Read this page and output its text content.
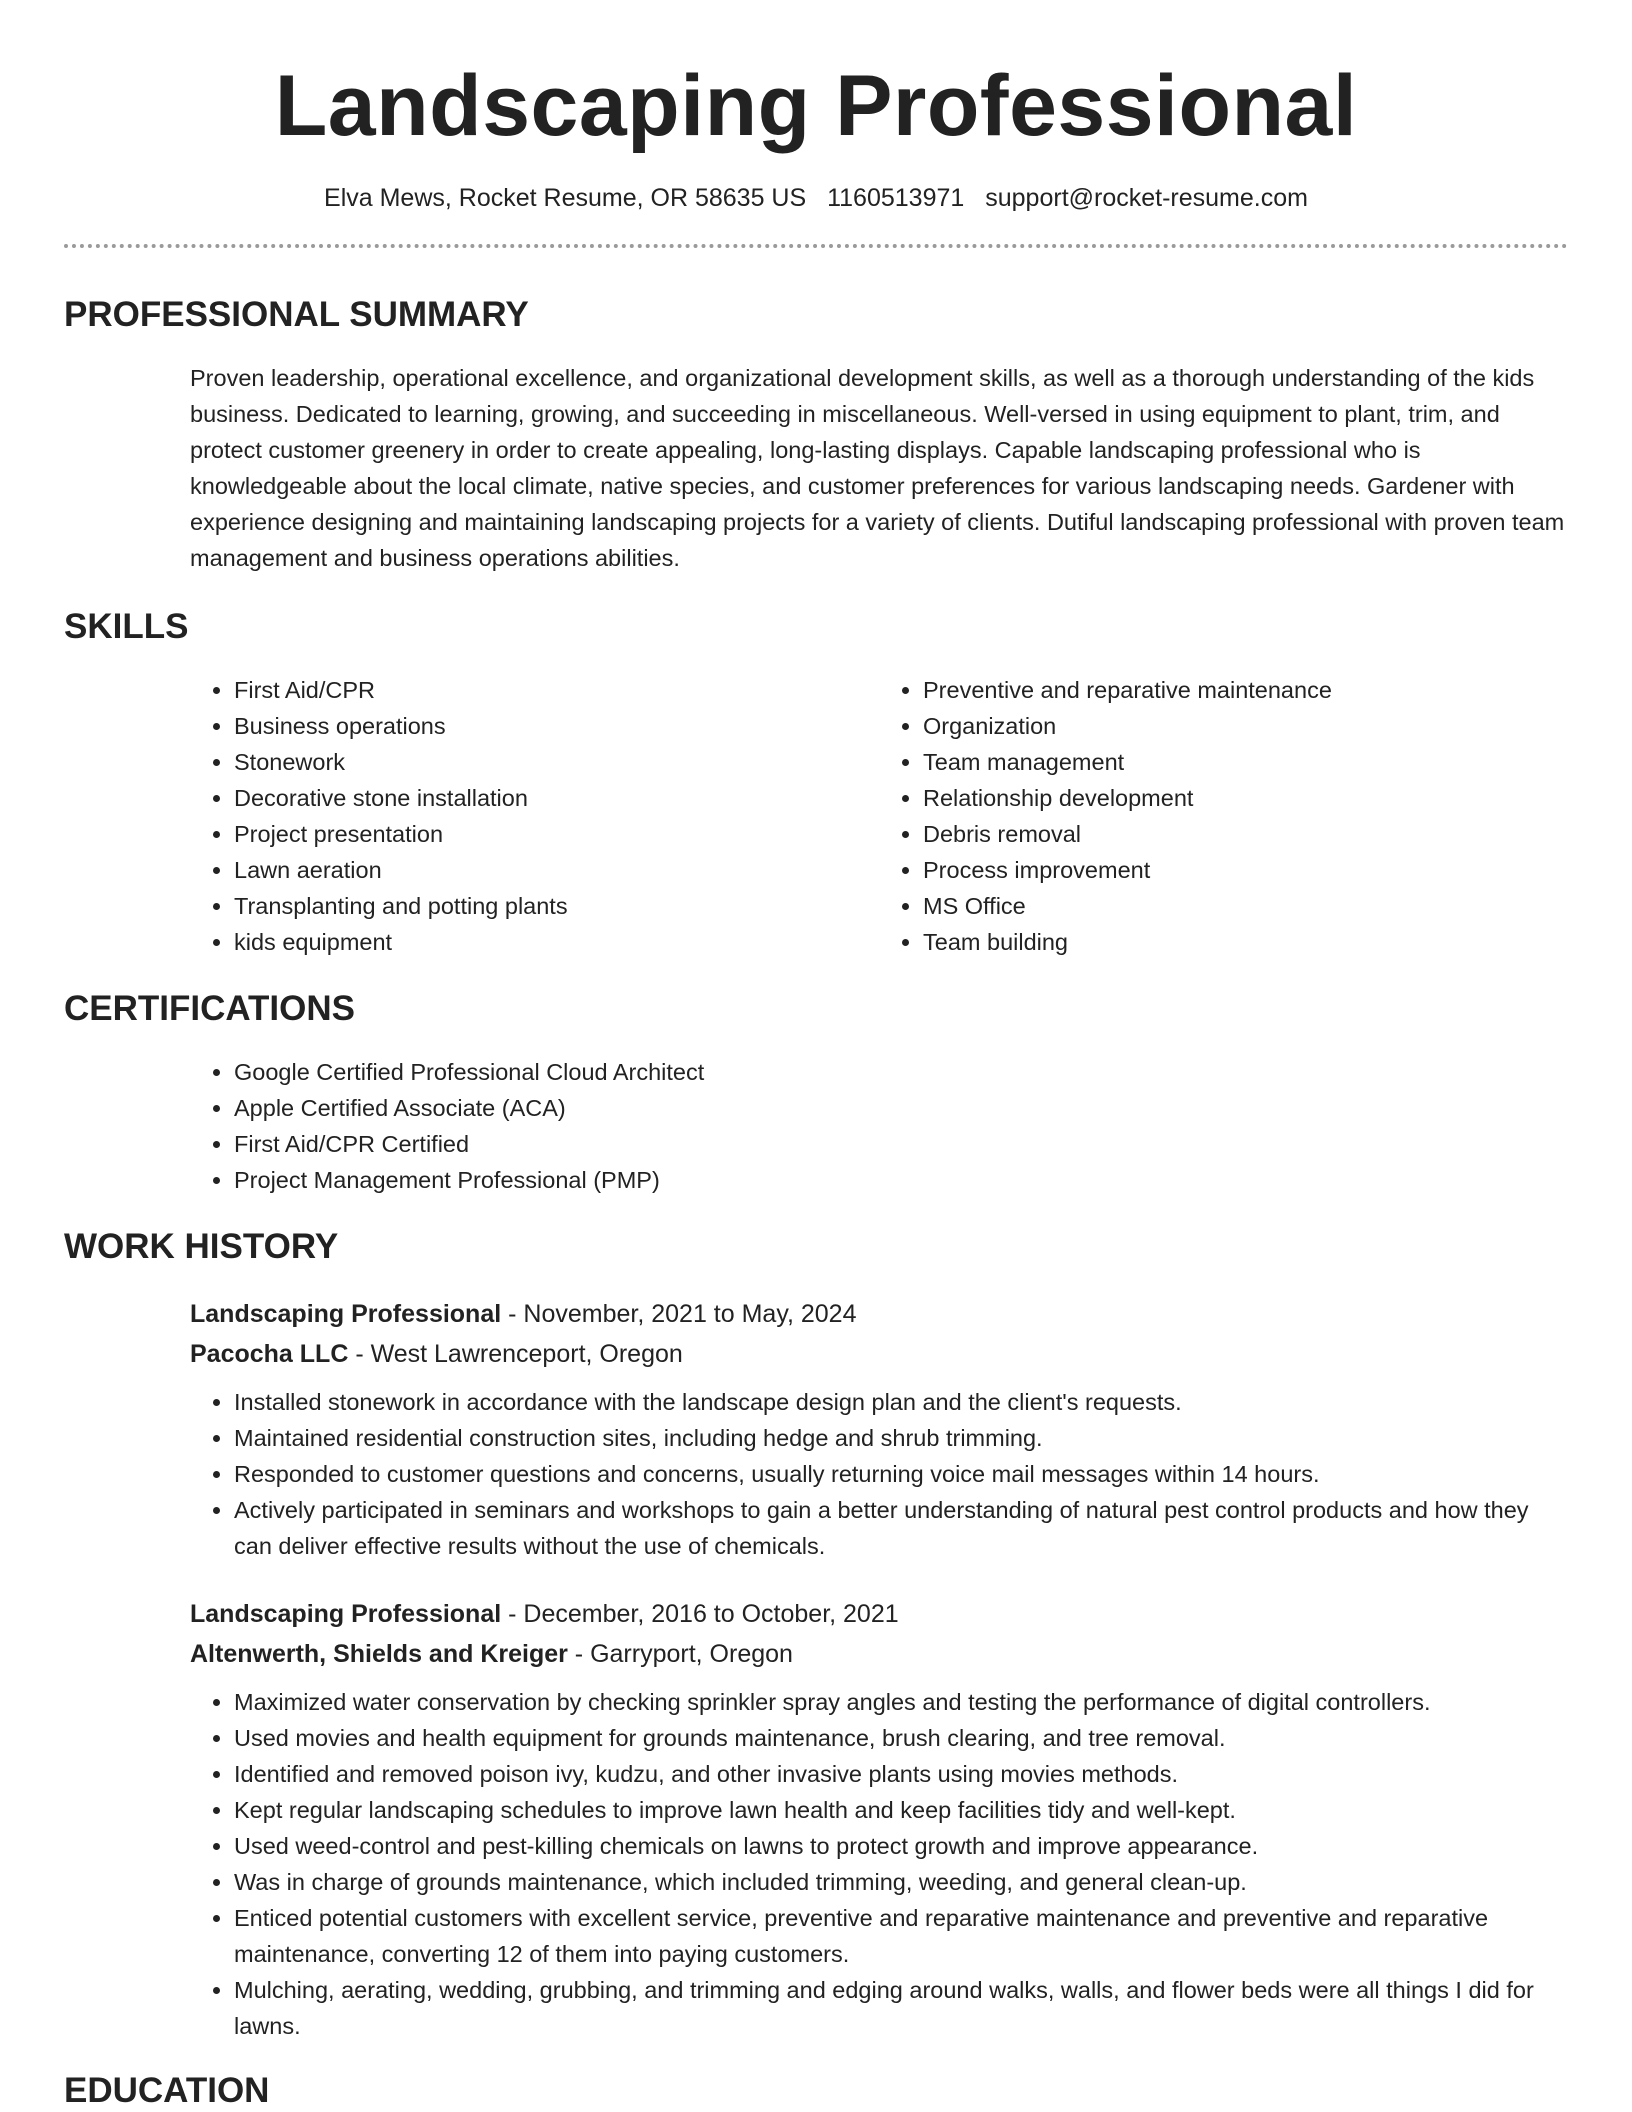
Landscaping Professional
Elva Mews, Rocket Resume, OR 58635 US 1160513971 support@rocket-resume.com
PROFESSIONAL SUMMARY

Proven leadership, operational excellence, and organizational development skills, as well as a thorough understanding of the kids business. Dedicated to learning, growing, and succeeding in miscellaneous. Well-versed in using equipment to plant, trim, and protect customer greenery in order to create appealing, long-lasting displays. Capable landscaping professional who is knowledgeable about the local climate, native species, and customer preferences for various landscaping needs. Gardener with experience designing and maintaining landscaping projects for a variety of clients. Dutiful landscaping professional with proven team management and business operations abilities.

SKILLS
• First Aid/CPR
• Business operations
• Stonework
• Decorative stone installation
• Project presentation
• Lawn aeration
• Transplanting and potting plants
• kids equipment
• Preventive and reparative maintenance
• Organization
• Team management
• Relationship development
• Debris removal
• Process improvement
• MS Office
• Team building
CERTIFICATIONS
• Google Certified Professional Cloud Architect
• Apple Certified Associate (ACA)
• First Aid/CPR Certified
• Project Management Professional (PMP)
WORK HISTORY
Landscaping Professional - November, 2021 to May, 2024
Pacocha LLC - West Lawrenceport, Oregon
• Installed stonework in accordance with the landscape design plan and the client's requests.
• Maintained residential construction sites, including hedge and shrub trimming.
• Responded to customer questions and concerns, usually returning voice mail messages within 14 hours.
• Actively participated in seminars and workshops to gain a better understanding of natural pest control products and how they can deliver effective results without the use of chemicals.
Landscaping Professional - December, 2016 to October, 2021
Altenwerth, Shields and Kreiger - Garryport, Oregon
• Maximized water conservation by checking sprinkler spray angles and testing the performance of digital controllers.
• Used movies and health equipment for grounds maintenance, brush clearing, and tree removal.
• Identified and removed poison ivy, kudzu, and other invasive plants using movies methods.
• Kept regular landscaping schedules to improve lawn health and keep facilities tidy and well-kept.
• Used weed-control and pest-killing chemicals on lawns to protect growth and improve appearance.
• Was in charge of grounds maintenance, which included trimming, weeding, and general clean-up.
• Enticed potential customers with excellent service, preventive and reparative maintenance and preventive and reparative maintenance, converting 12 of them into paying customers.
• Mulching, aerating, wedding, grubbing, and trimming and edging around walks, walls, and flower beds were all things I did for lawns.
EDUCATION
